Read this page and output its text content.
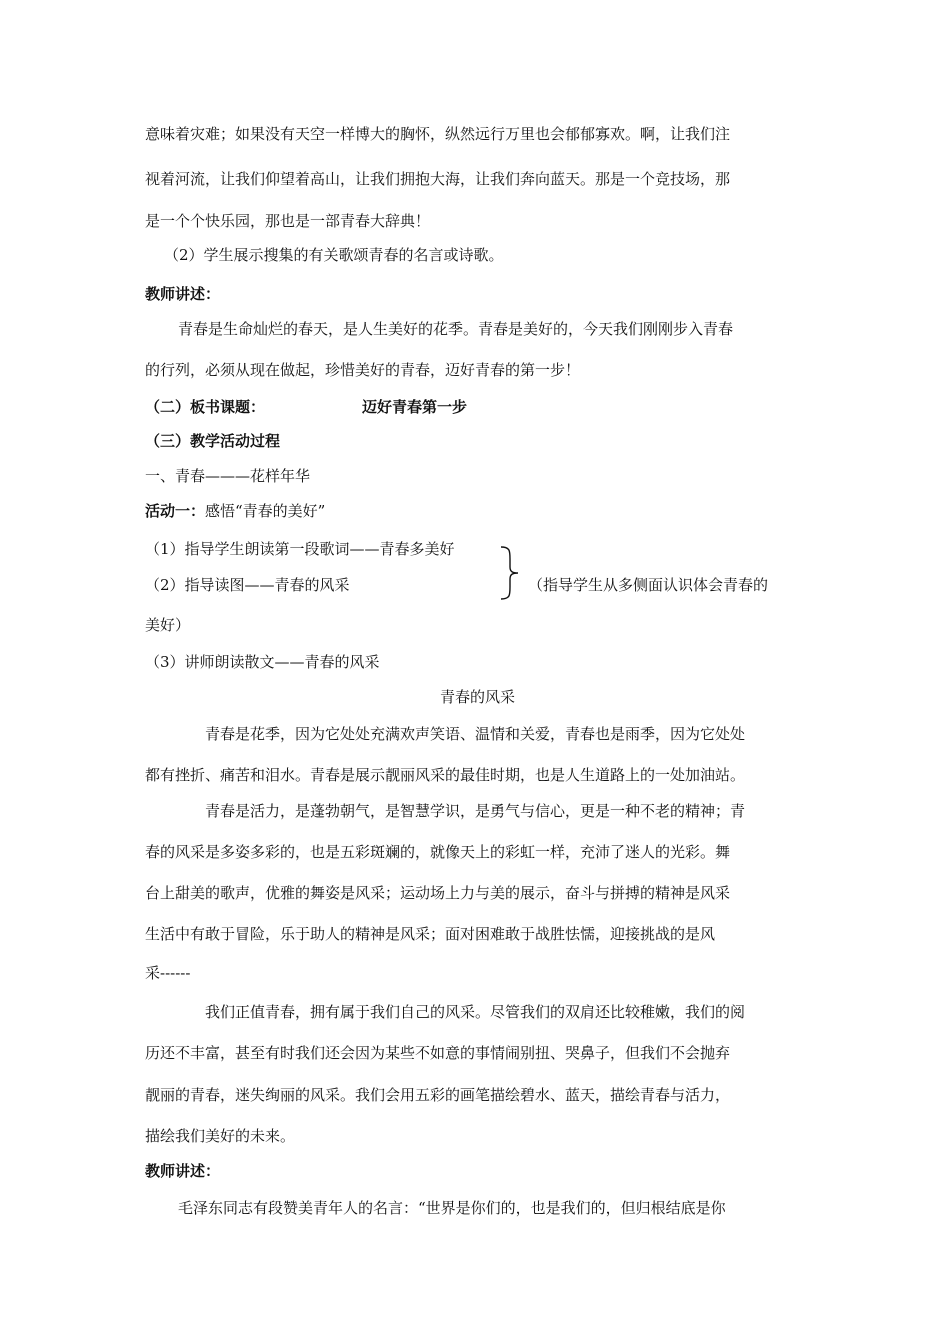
意味着灾难；如果没有天空一样博大的胸怀，纵然远行万里也会郁郁寡欢。啊，让我们注
视着河流，让我们仰望着高山，让我们拥抱大海，让我们奔向蓝天。那是一个竞技场，那
是一个个快乐园，那也是一部青春大辞典！
（2）学生展示搜集的有关歌颂青春的名言或诗歌。
教师讲述：
青春是生命灿烂的春天，是人生美好的花季。青春是美好的，今天我们刚刚步入青春
的行列，必须从现在做起，珍惜美好的青春，迈好青春的第一步！
（二）板书课题：	迈好青春第一步
（三）教学活动过程
一、青春———花样年华
活动一：感悟“青春的美好”
（1）指导学生朗读第一段歌词——青春多美好
（2）指导读图——青春的风采	（指导学生从多侧面认识体会青春的
美好）
（3）讲师朗读散文——青春的风采
青春的风采
青春是花季，因为它处处充满欢声笑语、温情和关爱，青春也是雨季，因为它处处
都有挫折、痛苦和泪水。青春是展示靓丽风采的最佳时期，也是人生道路上的一处加油站。
青春是活力，是蓬勃朝气，是智慧学识，是勇气与信心，更是一种不老的精神；青
春的风采是多姿多彩的，也是五彩斑斓的，就像天上的彩虹一样，充沛了迷人的光彩。舞
台上甜美的歌声，优雅的舞姿是风采；运动场上力与美的展示，奋斗与拼搏的精神是风采
生活中有敢于冒险，乐于助人的精神是风采；面对困难敢于战胜怯懦，迎接挑战的是风
采------
我们正值青春，拥有属于我们自己的风采。尽管我们的双肩还比较稚嫩，我们的阅
历还不丰富，甚至有时我们还会因为某些不如意的事情闹别扭、哭鼻子，但我们不会抛弃
靓丽的青春，迷失绚丽的风采。我们会用五彩的画笔描绘碧水、蓝天，描绘青春与活力，
描绘我们美好的未来。
教师讲述：
毛泽东同志有段赞美青年人的名言：“世界是你们的，也是我们的，但归根结底是你
